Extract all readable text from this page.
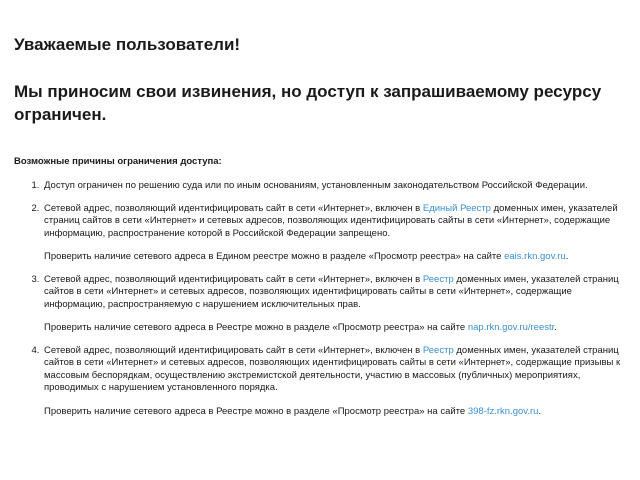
Уважаемые пользователи!
Мы приносим свои извинения, но доступ к запрашиваемому ресурсу ограничен.
Возможные причины ограничения доступа:

1. Доступ ограничен по решению суда или по иным основаниям, установленным законодательством Российской Федерации.

2. Сетевой адрес, позволяющий идентифицировать сайт в сети «Интернет», включен в Единый Реестр доменных имен, указателей страниц сайтов в сети «Интернет» и сетевых адресов, позволяющих идентифицировать сайты в сети «Интернет», содержащие информацию, распространение которой в Российской Федерации запрещено.

Проверить наличие сетевого адреса в Едином реестре можно в разделе «Просмотр реестра» на сайте eais.rkn.gov.ru.

3. Сетевой адрес, позволяющий идентифицировать сайт в сети «Интернет», включен в Реестр доменных имен, указателей страниц сайтов в сети «Интернет» и сетевых адресов, позволяющих идентифицировать сайты в сети «Интернет», содержащие информацию, распространяемую с нарушением исключительных прав.

Проверить наличие сетевого адреса в Реестре можно в разделе «Просмотр реестра» на сайте nap.rkn.gov.ru/reestr.

4. Сетевой адрес, позволяющий идентифицировать сайт в сети «Интернет», включен в Реестр доменных имен, указателей страниц сайтов в сети «Интернет» и сетевых адресов, позволяющих идентифицировать сайты в сети «Интернет», содержащие призывы к массовым беспорядкам, осуществлению экстремистской деятельности, участию в массовых (публичных) мероприятиях, проводимых с нарушением установленного порядка.

Проверить наличие сетевого адреса в Реестре можно в разделе «Просмотр реестра» на сайте 398-fz.rkn.gov.ru.
